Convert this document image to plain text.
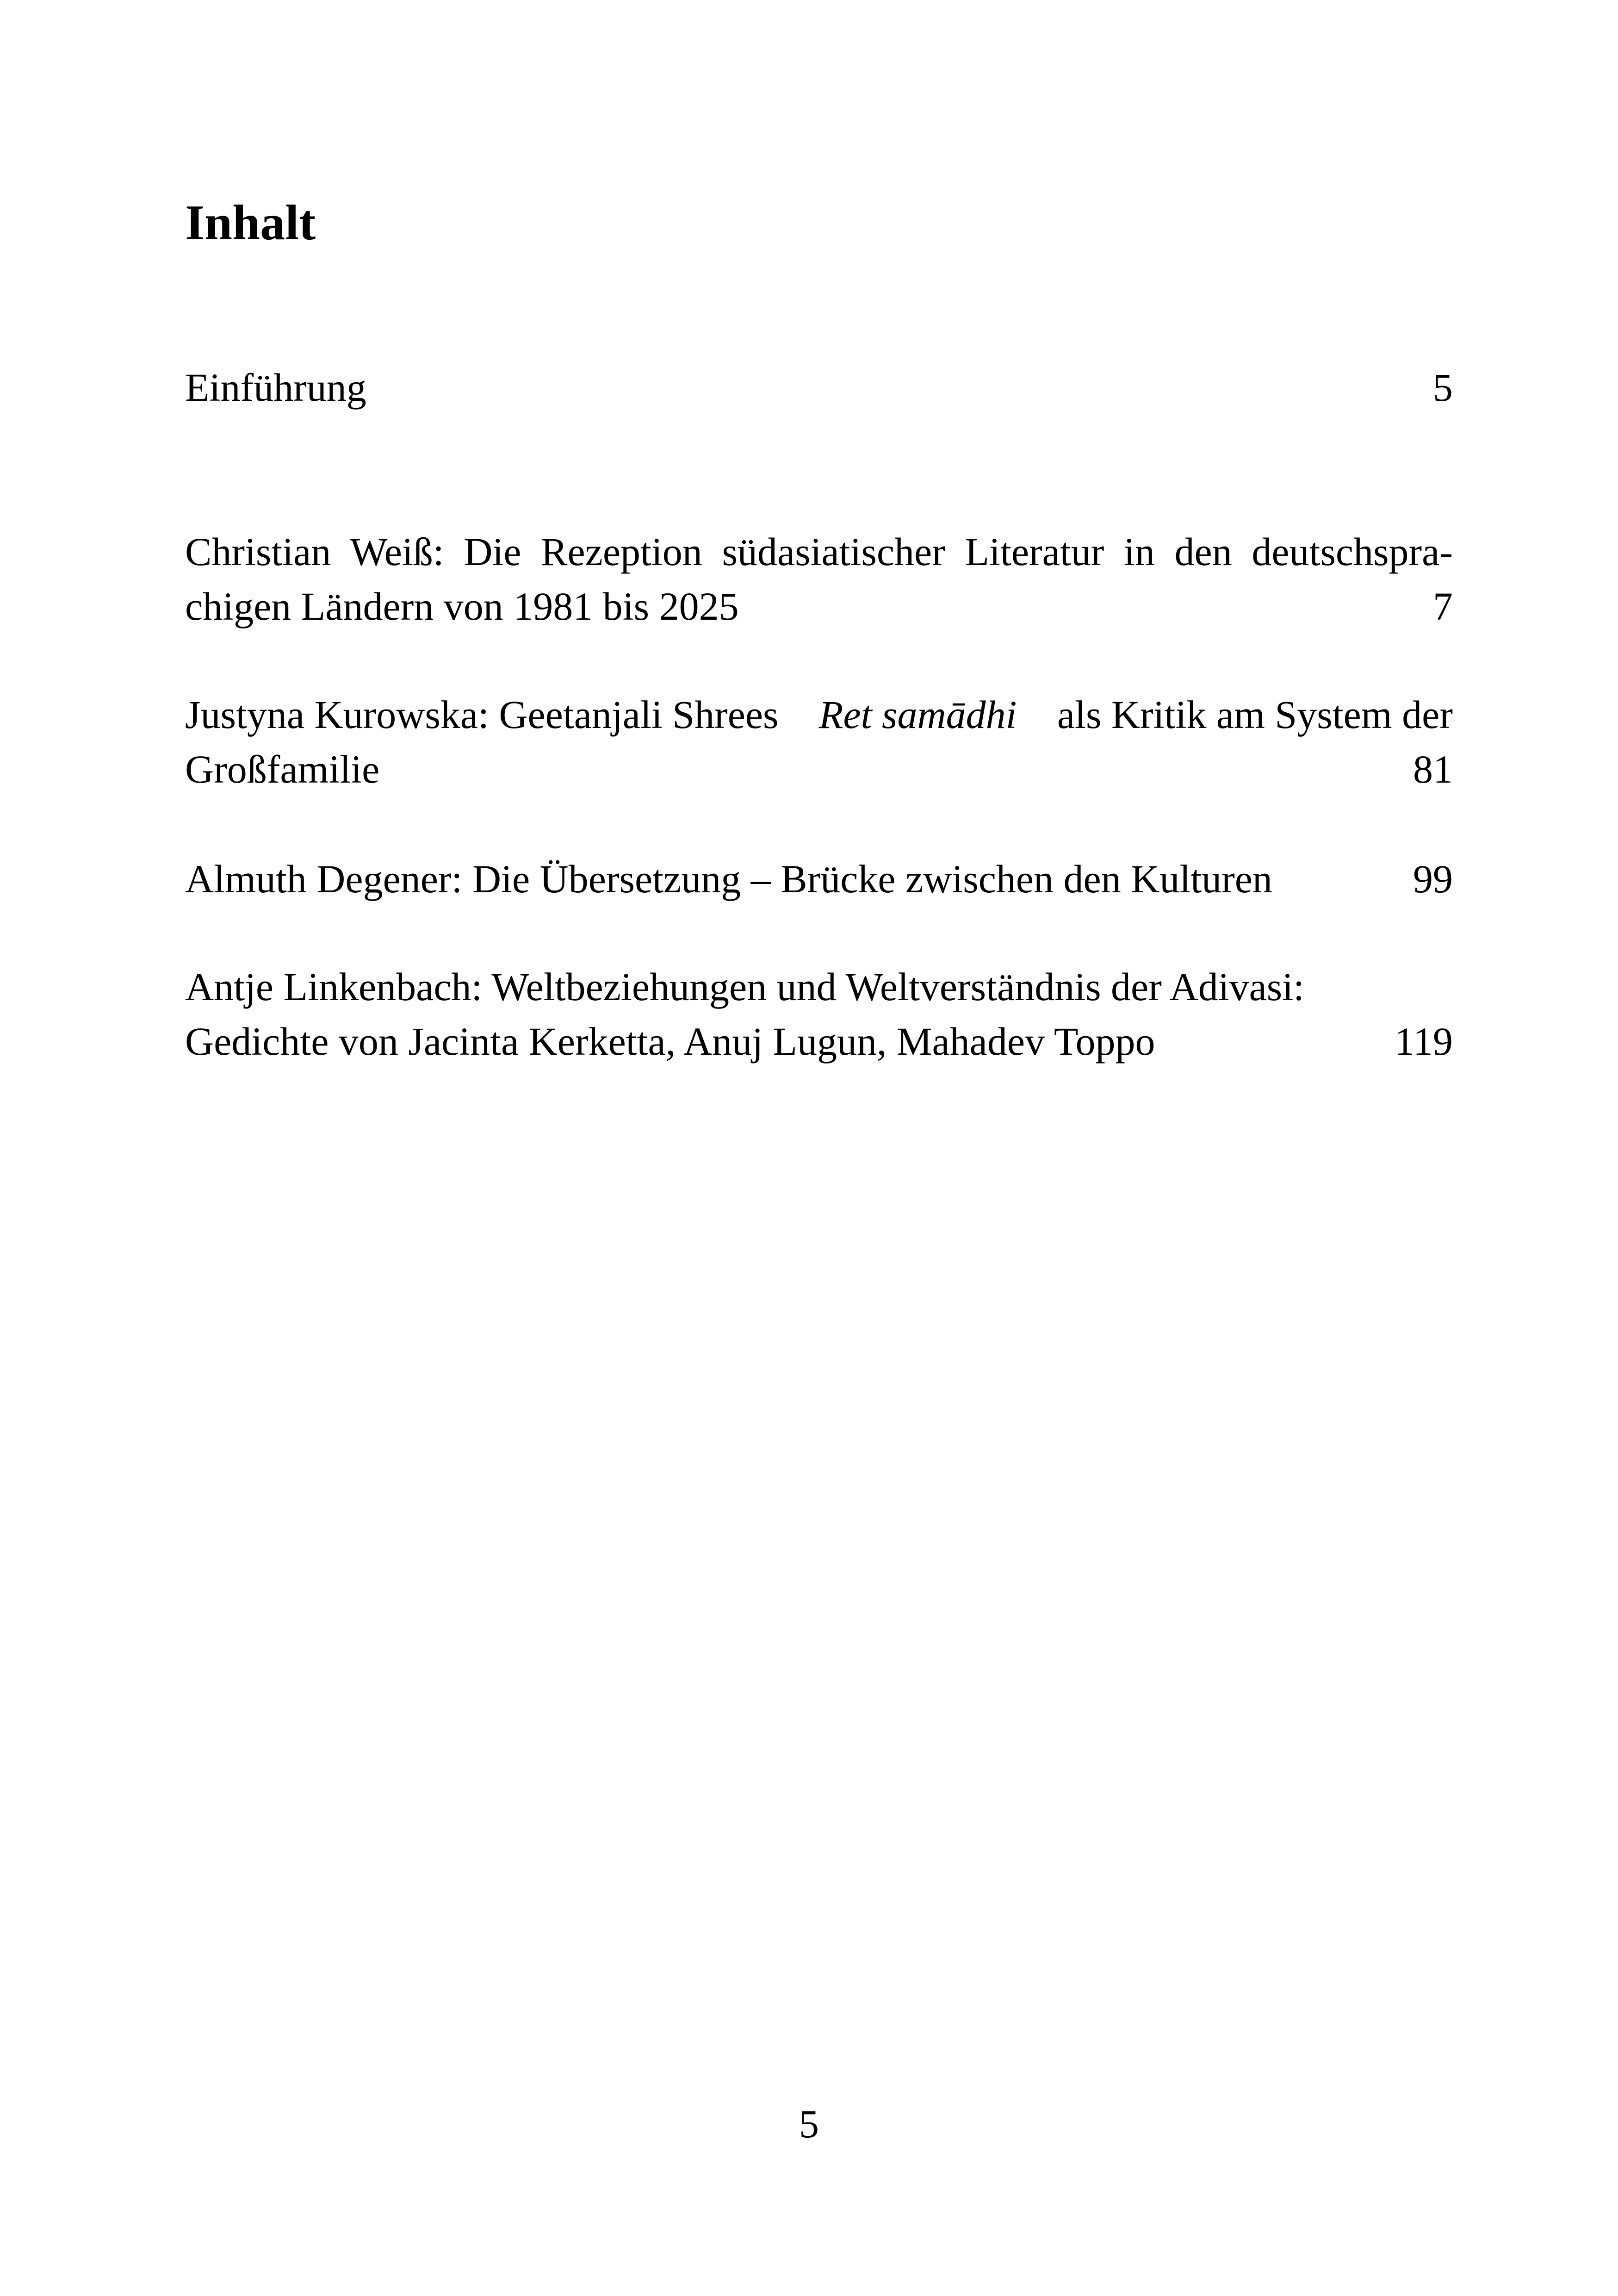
Inhalt
Einführung	5
Christian Weiß: Die Rezeption südasiatischer Literatur in den deutschspra-
chigen Ländern von 1981 bis 2025	7
Justyna Kurowska: Geetanjali Shrees Ret samādhi als Kritik am System der
Großfamilie	81
Almuth Degener: Die Übersetzung – Brücke zwischen den Kulturen	99
Antje Linkenbach: Weltbeziehungen und Weltverständnis der Adivasi:
Gedichte von Jacinta Kerketta, Anuj Lugun, Mahadev Toppo	119
5
